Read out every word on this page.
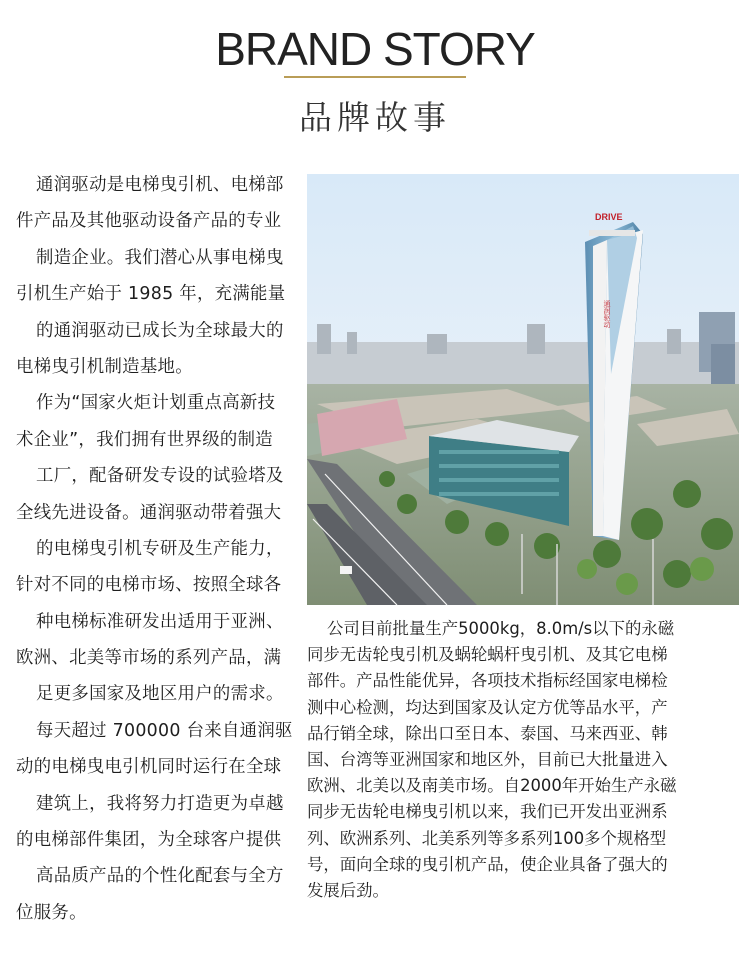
BRAND STORY
品牌故事
通润驱动是电梯曳引机、电梯部
件产品及其他驱动设备产品的专业
制造企业。我们潜心从事电梯曳
引机生产始于 1985 年，充满能量
的通润驱动已成长为全球最大的
电梯曳引机制造基地。
作为“国家火炬计划重点高新技
术企业”，我们拥有世界级的制造
工厂，配备研发专设的试验塔及
全线先进设备。通润驱动带着强大
的电梯曳引机专研及生产能力，
针对不同的电梯市场、按照全球各
种电梯标准研发出适用于亚洲、
欧洲、北美等市场的系列产品，满
足更多国家及地区用户的需求。
每天超过 700000 台来自通润驱
动的电梯曳电引机同时运行在全球
建筑上，我将努力打造更为卓越
的电梯部件集团，为全球客户提供
高品质产品的个性化配套与全方
位服务。
DRIVE
通润驱动
公司目前批量生产5000kg，8.0m/s以下的永磁
同步无齿轮曳引机及蜗轮蜗杆曳引机、及其它电梯
部件。产品性能优异，各项技术指标经国家电梯检
测中心检测，均达到国家及认定方优等品水平，产
品行销全球，除出口至日本、泰国、马来西亚、韩
国、台湾等亚洲国家和地区外，目前已大批量进入
欧洲、北美以及南美市场。自2000年开始生产永磁
同步无齿轮电梯曳引机以来，我们已开发出亚洲系
列、欧洲系列、北美系列等多系列100多个规格型
号，面向全球的曳引机产品，使企业具备了强大的
发展后劲。
